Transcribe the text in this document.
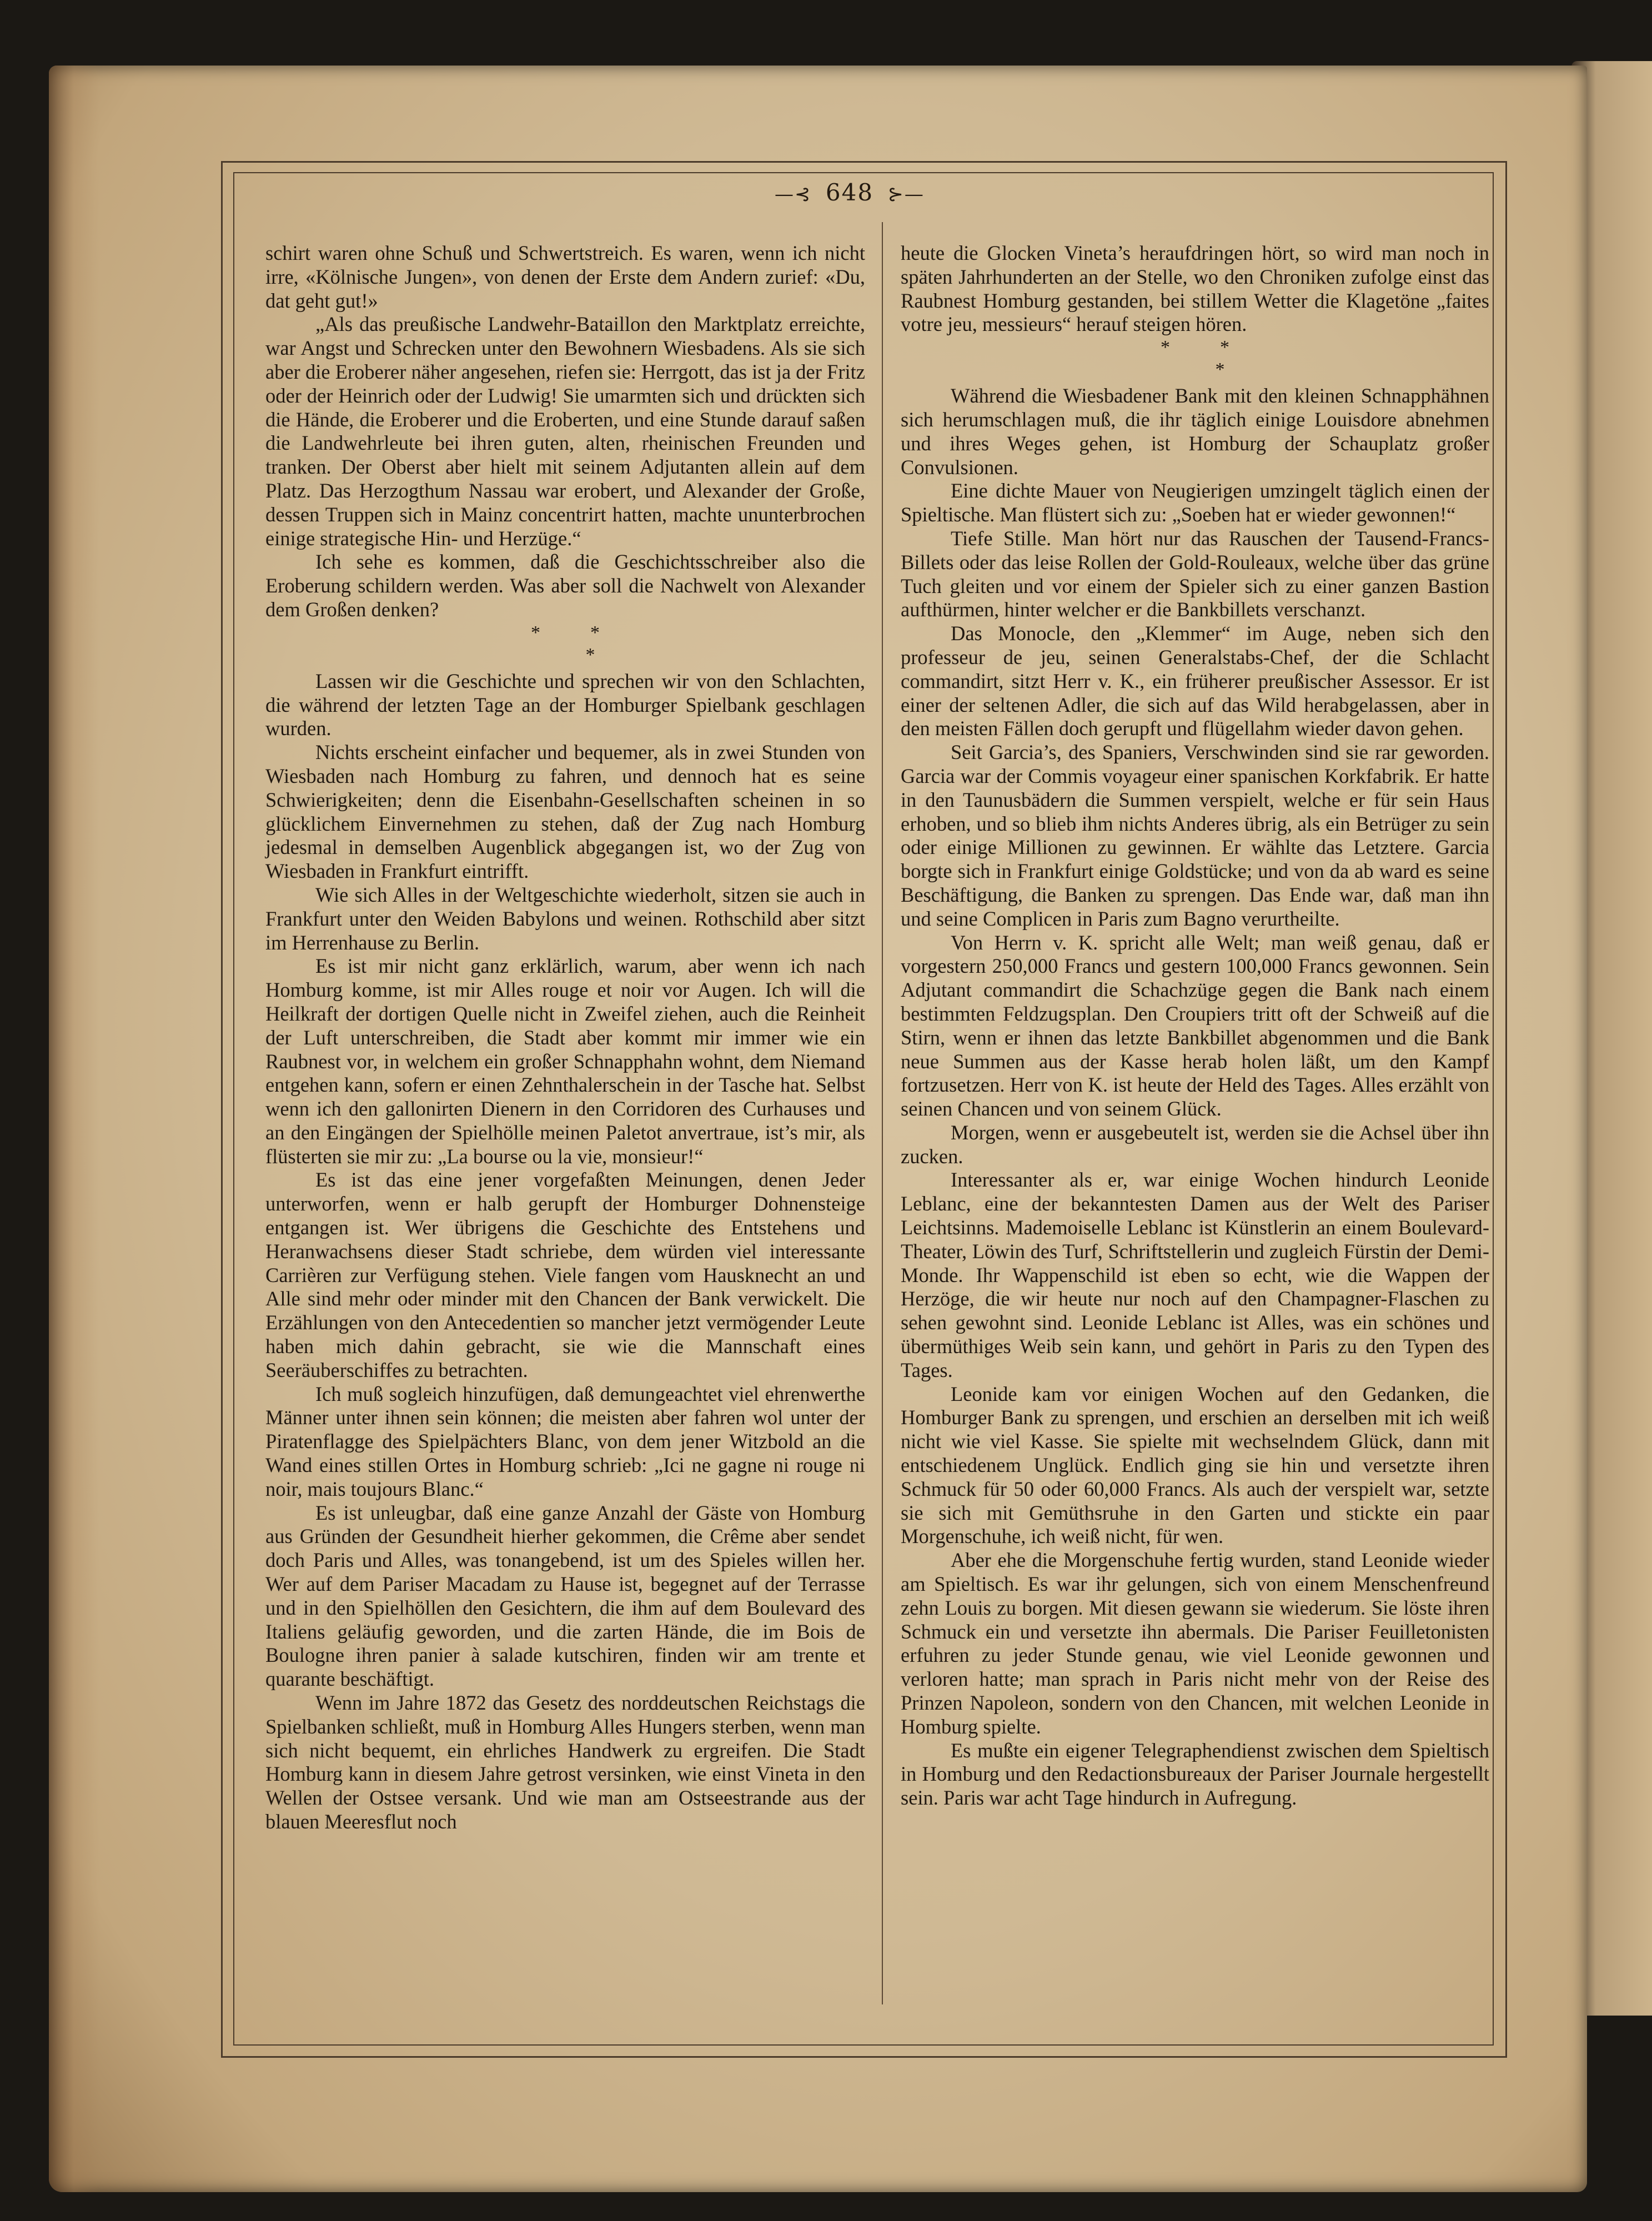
—⊰ 648 ⊱—

schirt waren ohne Schuß und Schwertstreich. Es waren, wenn ich nicht irre, «Kölnische Jungen», von denen der Erste dem Andern zurief: «Du, dat geht gut!»

„Als das preußische Landwehr-Bataillon den Marktplatz erreichte, war Angst und Schrecken unter den Bewohnern Wiesbadens. Als sie sich aber die Eroberer näher angesehen, riefen sie: Herrgott, das ist ja der Fritz oder der Heinrich oder der Ludwig! Sie umarmten sich und drückten sich die Hände, die Eroberer und die Eroberten, und eine Stunde darauf saßen die Landwehrleute bei ihren guten, alten, rheinischen Freunden und tranken. Der Oberst aber hielt mit seinem Adjutanten allein auf dem Platz. Das Herzogthum Nassau war erobert, und Alexander der Große, dessen Truppen sich in Mainz concentrirt hatten, machte ununterbrochen einige strategische Hin- und Herzüge.“

Ich sehe es kommen, daß die Geschichtsschreiber also die Eroberung schildern werden. Was aber soll die Nachwelt von Alexander dem Großen denken?

**
*

Lassen wir die Geschichte und sprechen wir von den Schlachten, die während der letzten Tage an der Homburger Spielbank geschlagen wurden.

Nichts erscheint einfacher und bequemer, als in zwei Stunden von Wiesbaden nach Homburg zu fahren, und dennoch hat es seine Schwierigkeiten; denn die Eisenbahn-Gesellschaften scheinen in so glücklichem Einvernehmen zu stehen, daß der Zug nach Homburg jedesmal in demselben Augenblick abgegangen ist, wo der Zug von Wiesbaden in Frankfurt eintrifft.

Wie sich Alles in der Weltgeschichte wiederholt, sitzen sie auch in Frankfurt unter den Weiden Babylons und weinen. Rothschild aber sitzt im Herrenhause zu Berlin.

Es ist mir nicht ganz erklärlich, warum, aber wenn ich nach Homburg komme, ist mir Alles rouge et noir vor Augen. Ich will die Heilkraft der dortigen Quelle nicht in Zweifel ziehen, auch die Reinheit der Luft unterschreiben, die Stadt aber kommt mir immer wie ein Raubnest vor, in welchem ein großer Schnapphahn wohnt, dem Niemand entgehen kann, sofern er einen Zehnthalerschein in der Tasche hat. Selbst wenn ich den gallonirten Dienern in den Corridoren des Curhauses und an den Eingängen der Spielhölle meinen Paletot anvertraue, ist’s mir, als flüsterten sie mir zu: „La bourse ou la vie, monsieur!“

Es ist das eine jener vorgefaßten Meinungen, denen Jeder unterworfen, wenn er halb gerupft der Homburger Dohnensteige entgangen ist. Wer übrigens die Geschichte des Entstehens und Heranwachsens dieser Stadt schriebe, dem würden viel interessante Carrièren zur Verfügung stehen. Viele fangen vom Hausknecht an und Alle sind mehr oder minder mit den Chancen der Bank verwickelt. Die Erzählungen von den Antecedentien so mancher jetzt vermögender Leute haben mich dahin gebracht, sie wie die Mannschaft eines Seeräuberschiffes zu betrachten.

Ich muß sogleich hinzufügen, daß demungeachtet viel ehrenwerthe Männer unter ihnen sein können; die meisten aber fahren wol unter der Piratenflagge des Spielpächters Blanc, von dem jener Witzbold an die Wand eines stillen Ortes in Homburg schrieb: „Ici ne gagne ni rouge ni noir, mais toujours Blanc.“

Es ist unleugbar, daß eine ganze Anzahl der Gäste von Homburg aus Gründen der Gesundheit hierher gekommen, die Crême aber sendet doch Paris und Alles, was tonangebend, ist um des Spieles willen her. Wer auf dem Pariser Macadam zu Hause ist, begegnet auf der Terrasse und in den Spielhöllen den Gesichtern, die ihm auf dem Boulevard des Italiens geläufig geworden, und die zarten Hände, die im Bois de Boulogne ihren panier à salade kutschiren, finden wir am trente et quarante beschäftigt.

Wenn im Jahre 1872 das Gesetz des norddeutschen Reichstags die Spielbanken schließt, muß in Homburg Alles Hungers sterben, wenn man sich nicht bequemt, ein ehrliches Handwerk zu ergreifen. Die Stadt Homburg kann in diesem Jahre getrost versinken, wie einst Vineta in den Wellen der Ostsee versank. Und wie man am Ostseestrande aus der blauen Meeresflut noch

heute die Glocken Vineta’s heraufdringen hört, so wird man noch in späten Jahrhunderten an der Stelle, wo den Chroniken zufolge einst das Raubnest Homburg gestanden, bei stillem Wetter die Klagetöne „faites votre jeu, messieurs“ herauf steigen hören.

**
*

Während die Wiesbadener Bank mit den kleinen Schnapphähnen sich herumschlagen muß, die ihr täglich einige Louisdore abnehmen und ihres Weges gehen, ist Homburg der Schauplatz großer Convulsionen.

Eine dichte Mauer von Neugierigen umzingelt täglich einen der Spieltische. Man flüstert sich zu: „Soeben hat er wieder gewonnen!“

Tiefe Stille. Man hört nur das Rauschen der Tausend-Francs-Billets oder das leise Rollen der Gold-Rouleaux, welche über das grüne Tuch gleiten und vor einem der Spieler sich zu einer ganzen Bastion aufthürmen, hinter welcher er die Bankbillets verschanzt.

Das Monocle, den „Klemmer“ im Auge, neben sich den professeur de jeu, seinen Generalstabs-Chef, der die Schlacht commandirt, sitzt Herr v. K., ein früherer preußischer Assessor. Er ist einer der seltenen Adler, die sich auf das Wild herabgelassen, aber in den meisten Fällen doch gerupft und flügellahm wieder davon gehen.

Seit Garcia’s, des Spaniers, Verschwinden sind sie rar geworden. Garcia war der Commis voyageur einer spanischen Korkfabrik. Er hatte in den Taunusbädern die Summen verspielt, welche er für sein Haus erhoben, und so blieb ihm nichts Anderes übrig, als ein Betrüger zu sein oder einige Millionen zu gewinnen. Er wählte das Letztere. Garcia borgte sich in Frankfurt einige Goldstücke; und von da ab ward es seine Beschäftigung, die Banken zu sprengen. Das Ende war, daß man ihn und seine Complicen in Paris zum Bagno verurtheilte.

Von Herrn v. K. spricht alle Welt; man weiß genau, daß er vorgestern 250,000 Francs und gestern 100,000 Francs gewonnen. Sein Adjutant commandirt die Schachzüge gegen die Bank nach einem bestimmten Feldzugsplan. Den Croupiers tritt oft der Schweiß auf die Stirn, wenn er ihnen das letzte Bankbillet abgenommen und die Bank neue Summen aus der Kasse herab holen läßt, um den Kampf fortzusetzen. Herr von K. ist heute der Held des Tages. Alles erzählt von seinen Chancen und von seinem Glück.

Morgen, wenn er ausgebeutelt ist, werden sie die Achsel über ihn zucken.

Interessanter als er, war einige Wochen hindurch Leonide Leblanc, eine der bekanntesten Damen aus der Welt des Pariser Leichtsinns. Mademoiselle Leblanc ist Künstlerin an einem Boulevard-Theater, Löwin des Turf, Schriftstellerin und zugleich Fürstin der Demi-Monde. Ihr Wappenschild ist eben so echt, wie die Wappen der Herzöge, die wir heute nur noch auf den Champagner-Flaschen zu sehen gewohnt sind. Leonide Leblanc ist Alles, was ein schönes und übermüthiges Weib sein kann, und gehört in Paris zu den Typen des Tages.

Leonide kam vor einigen Wochen auf den Gedanken, die Homburger Bank zu sprengen, und erschien an derselben mit ich weiß nicht wie viel Kasse. Sie spielte mit wechselndem Glück, dann mit entschiedenem Unglück. Endlich ging sie hin und versetzte ihren Schmuck für 50 oder 60,000 Francs. Als auch der verspielt war, setzte sie sich mit Gemüthsruhe in den Garten und stickte ein paar Morgenschuhe, ich weiß nicht, für wen.

Aber ehe die Morgenschuhe fertig wurden, stand Leonide wieder am Spieltisch. Es war ihr gelungen, sich von einem Menschenfreund zehn Louis zu borgen. Mit diesen gewann sie wiederum. Sie löste ihren Schmuck ein und versetzte ihn abermals. Die Pariser Feuilletonisten erfuhren zu jeder Stunde genau, wie viel Leonide gewonnen und verloren hatte; man sprach in Paris nicht mehr von der Reise des Prinzen Napoleon, sondern von den Chancen, mit welchen Leonide in Homburg spielte.

Es mußte ein eigener Telegraphendienst zwischen dem Spieltisch in Homburg und den Redactionsbureaux der Pariser Journale hergestellt sein. Paris war acht Tage hindurch in Aufregung.
